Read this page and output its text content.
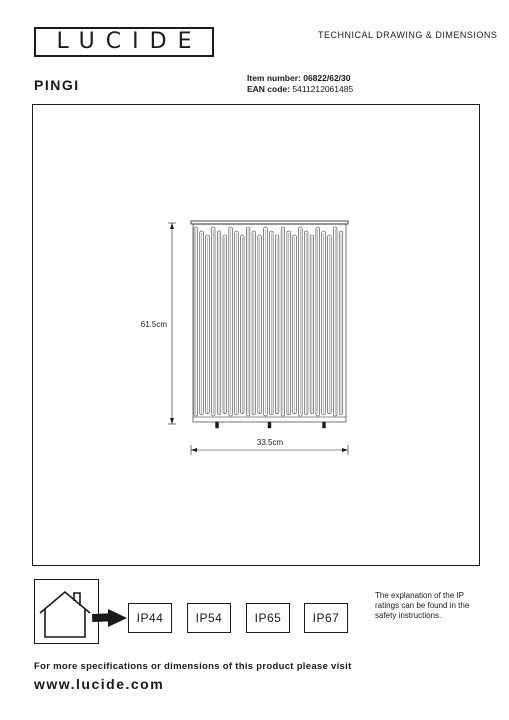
LUCIDE	TECHNICAL DRAWING & DIMENSIONS
PINGI	Item number: 06822/62/30
EAN code: 5411212061485
61.5cm
33.5cm
IP44	IP54	IP65	IP67
The explanation of the IP ratings can be found in the safety instructions.
For more specifications or dimensions of this product please visit
www.lucide.com
